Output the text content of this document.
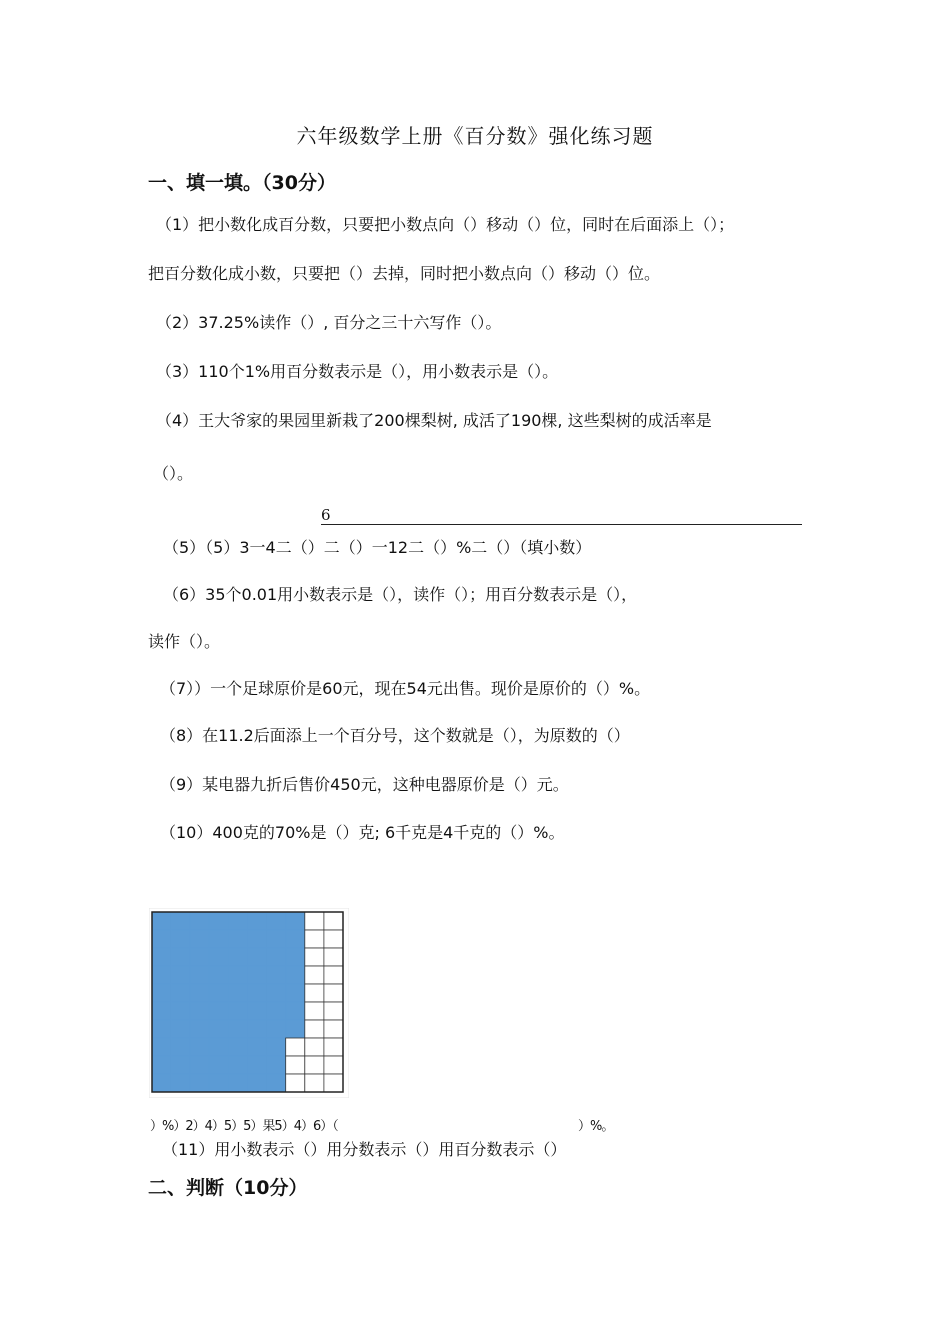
六年级数学上册《百分数》强化练习题
一、填一填。（30分）
（1）把小数化成百分数，只要把小数点向（）移动（）位，同时在后面添上（）；
把百分数化成小数，只要把（）去掉，同时把小数点向（）移动（）位。
（2）37.25%读作（）, 百分之三十六写作（）。
（3）110个1%用百分数表示是（），用小数表示是（）。
（4）王大爷家的果园里新栽了200棵梨树, 成活了190棵, 这些梨树的成活率是
（）。
6
（5）（5）3一4二（）二（）一12二（）%二（）（填小数）
（6）35个0.01用小数表示是（），读作（）；用百分数表示是（），
读作（）。
（7））一个足球原价是60元，现在54元出售。现价是原价的（）%。
（8）在11.2后面添上一个百分号，这个数就是（），为原数的（）
（9）某电器九折后售价450元，这种电器原价是（）元。
（10）400克的70%是（）克; 6千克是4千克的（）%。
）%）2）4）5）5）果5）4）6）（	）%。
（11）用小数表示（）用分数表示（）用百分数表示（）
二、判断（10分）
